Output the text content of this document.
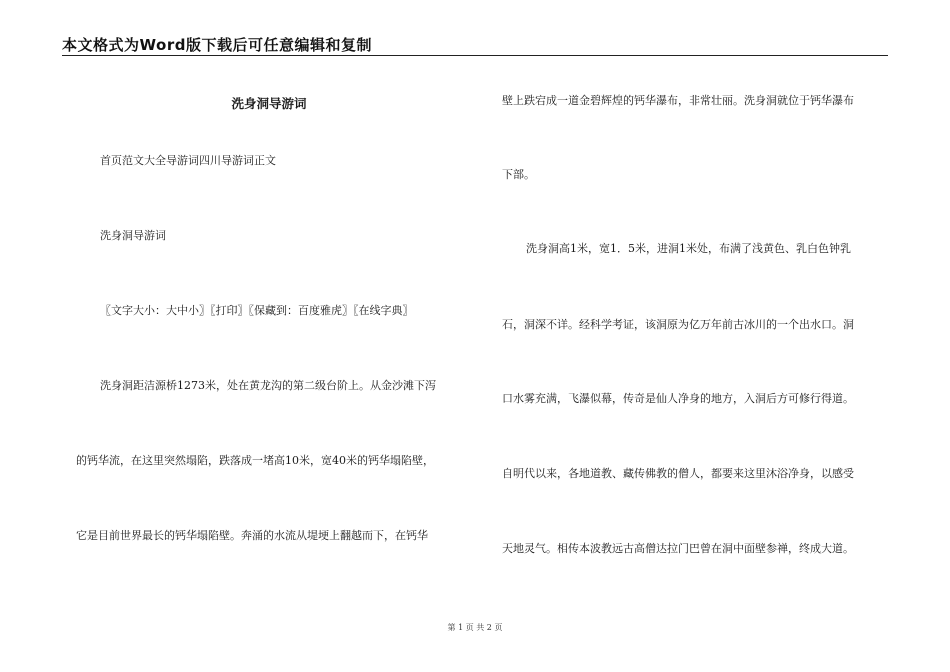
本文格式为Word版下载后可任意编辑和复制
洗身洞导游词
首页范文大全导游词四川导游词正文
洗身洞导游词
〖文字大小：大中小〗〖打印〗〖保藏到：百度雅虎〗〖在线字典〗
洗身洞距洁源桥1273米，处在黄龙沟的第二级台阶上。从金沙滩下泻
的钙华流，在这里突然塌陷，跌落成一堵高10米，宽40米的钙华塌陷壁，
它是目前世界最长的钙华塌陷壁。奔涌的水流从堤埂上翻越而下，在钙华
壁上跌宕成一道金碧辉煌的钙华瀑布，非常壮丽。洗身洞就位于钙华瀑布
下部。
洗身洞高1米，宽1．5米，进洞1米处，布满了浅黄色、乳白色钟乳
石，洞深不详。经科学考证，该洞原为亿万年前古冰川的一个出水口。洞
口水雾充满，飞瀑似幕，传奇是仙人净身的地方，入洞后方可修行得道。
自明代以来，各地道教、藏传佛教的僧人，都要来这里沐浴净身，以感受
天地灵气。相传本波教远古高僧达拉门巴曾在洞中面壁参禅，终成大道。
第 1 页 共 2 页
